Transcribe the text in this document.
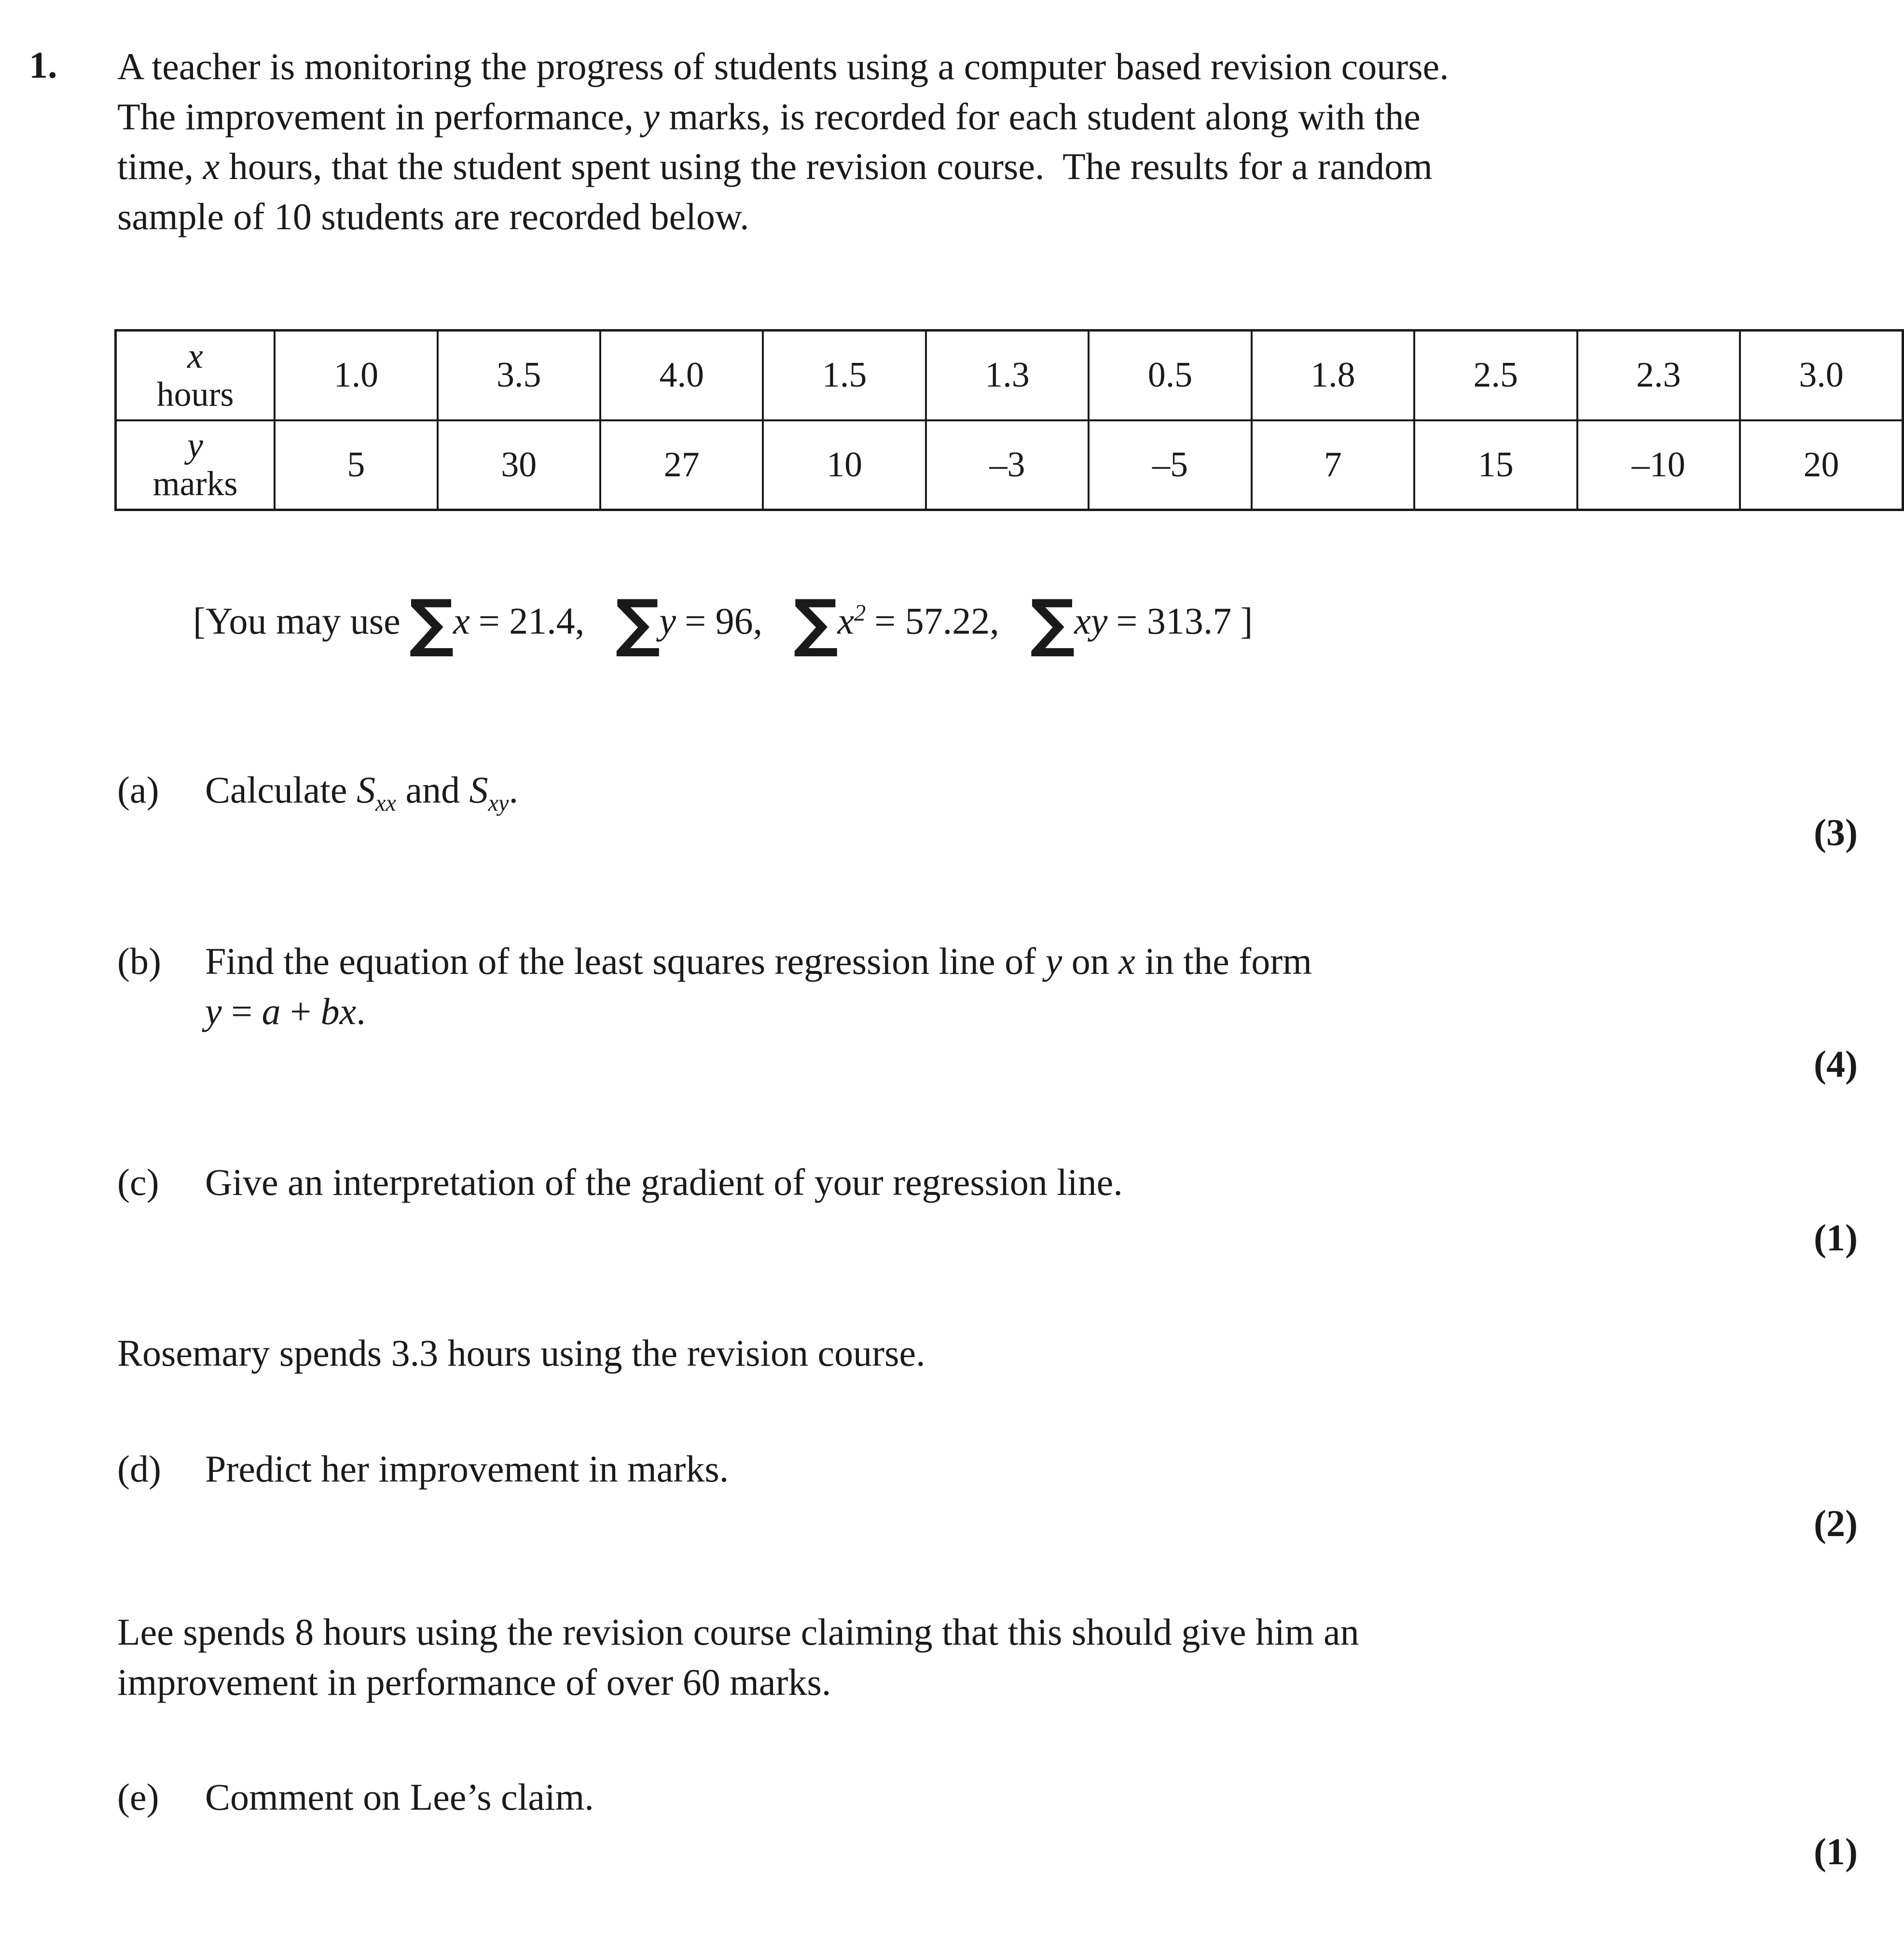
1. A teacher is monitoring the progress of students using a computer based revision course.
The improvement in performance, y marks, is recorded for each student along with the
time, x hours, that the student spent using the revision course.  The results for a random
sample of 10 students are recorded below.
x
hours	1.0	3.5	4.0	1.5	1.3	0.5	1.8	2.5	2.3	3.0

y
marks	5	30	27	10	–3	–5	7	15	–10	20
[You may use ∑x = 21.4, ∑y = 96, $\sum x^2 = 57.22$, ∑xy = 313.7 ]
(a)	Calculate $S_{xx}$ and $S_{xy}$.
(3)
(b)	Find the equation of the least squares regression line of y on x in the form
y = a + bx.
(4)
(c)	Give an interpretation of the gradient of your regression line.
(1)
Rosemary spends 3.3 hours using the revision course.
(d)	Predict her improvement in marks.
(2)
Lee spends 8 hours using the revision course claiming that this should give him an
improvement in performance of over 60 marks.
(e)	Comment on Lee’s claim.
(1)
